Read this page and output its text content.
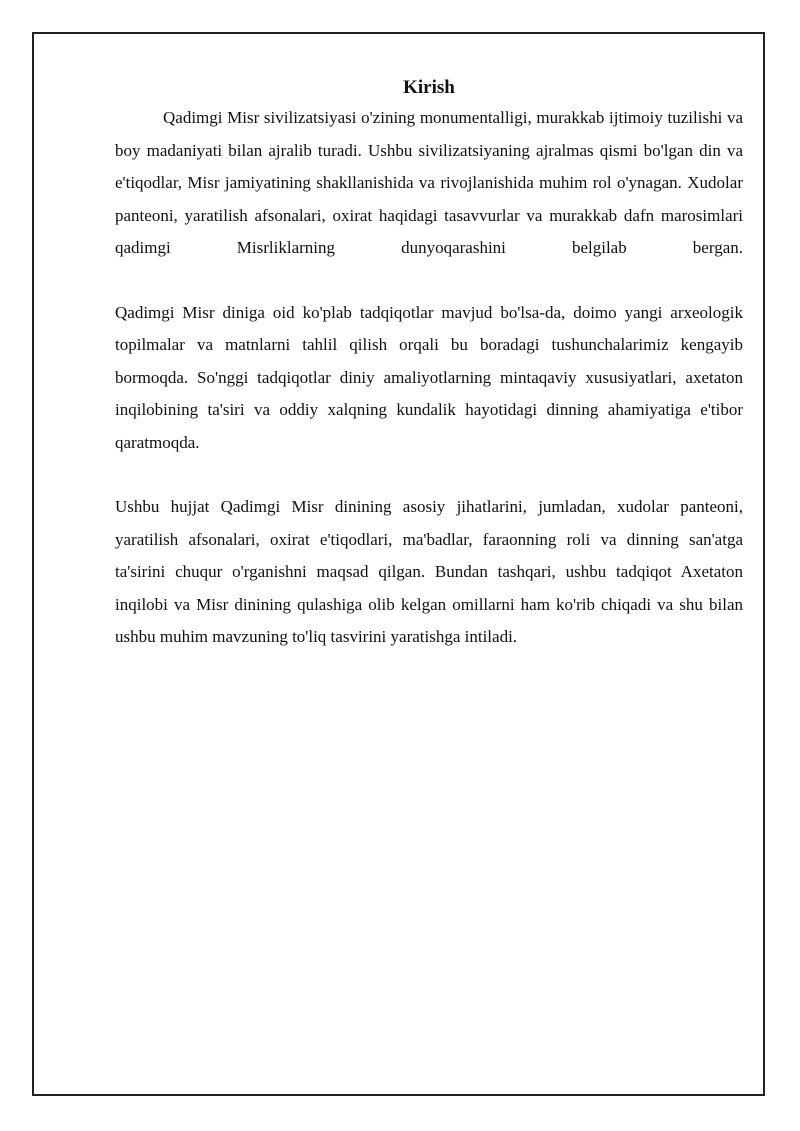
Kirish

Qadimgi Misr sivilizatsiyasi o'zining monumentalligi, murakkab ijtimoiy tuzilishi va boy madaniyati bilan ajralib turadi. Ushbu sivilizatsiyaning ajralmas qismi bo'lgan din va e'tiqodlar, Misr jamiyatining shakllanishida va rivojlanishida muhim rol o'ynagan. Xudolar panteoni, yaratilish afsonalari, oxirat haqidagi tasavvurlar va murakkab dafn marosimlari qadimgi Misrliklarning dunyoqarashini belgilab bergan.

Qadimgi Misr diniga oid ko'plab tadqiqotlar mavjud bo'lsa-da, doimo yangi arxeologik topilmalar va matnlarni tahlil qilish orqali bu boradagi tushunchalarimiz kengayib bormoqda. So'nggi tadqiqotlar diniy amaliyotlarning mintaqaviy xususiyatlari, axetaton inqilobining ta'siri va oddiy xalqning kundalik hayotidagi dinning ahamiyatiga e'tibor qaratmoqda.

Ushbu hujjat Qadimgi Misr dinining asosiy jihatlarini, jumladan, xudolar panteoni, yaratilish afsonalari, oxirat e'tiqodlari, ma'badlar, faraonning roli va dinning san'atga ta'sirini chuqur o'rganishni maqsad qilgan. Bundan tashqari, ushbu tadqiqot Axetaton inqilobi va Misr dinining qulashiga olib kelgan omillarni ham ko'rib chiqadi va shu bilan ushbu muhim mavzuning to'liq tasvirini yaratishga intiladi.
